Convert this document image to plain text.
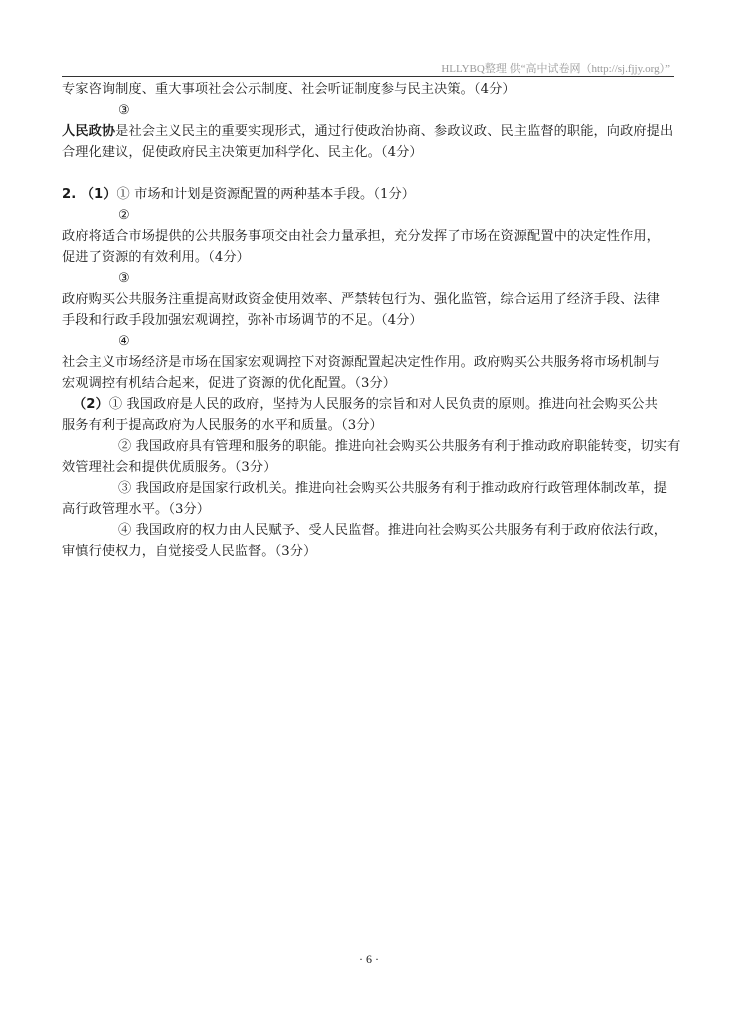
HLLYBQ整理 供“高中试卷网（http://sj.fjjy.org）”
专家咨询制度、重大事项社会公示制度、社会听证制度参与民主决策。（4分）
③
人民政协是社会主义民主的重要实现形式，通过行使政治协商、参政议政、民主监督的职能，向政府提出
合理化建议，促使政府民主决策更加科学化、民主化。（4分）
2. （1）① 市场和计划是资源配置的两种基本手段。（1分）
②
政府将适合市场提供的公共服务事项交由社会力量承担，充分发挥了市场在资源配置中的决定性作用，
促进了资源的有效利用。（4分）
③
政府购买公共服务注重提高财政资金使用效率、严禁转包行为、强化监管，综合运用了经济手段、法律
手段和行政手段加强宏观调控，弥补市场调节的不足。（4分）
④
社会主义市场经济是市场在国家宏观调控下对资源配置起决定性作用。政府购买公共服务将市场机制与
宏观调控有机结合起来，促进了资源的优化配置。（3分）
（2）① 我国政府是人民的政府，坚持为人民服务的宗旨和对人民负责的原则。推进向社会购买公共
服务有利于提高政府为人民服务的水平和质量。（3分）
② 我国政府具有管理和服务的职能。推进向社会购买公共服务有利于推动政府职能转变，切实有
效管理社会和提供优质服务。（3分）
③ 我国政府是国家行政机关。推进向社会购买公共服务有利于推动政府行政管理体制改革，提
高行政管理水平。（3分）
④ 我国政府的权力由人民赋予、受人民监督。推进向社会购买公共服务有利于政府依法行政，
审慎行使权力，自觉接受人民监督。（3分）
· 6 ·
